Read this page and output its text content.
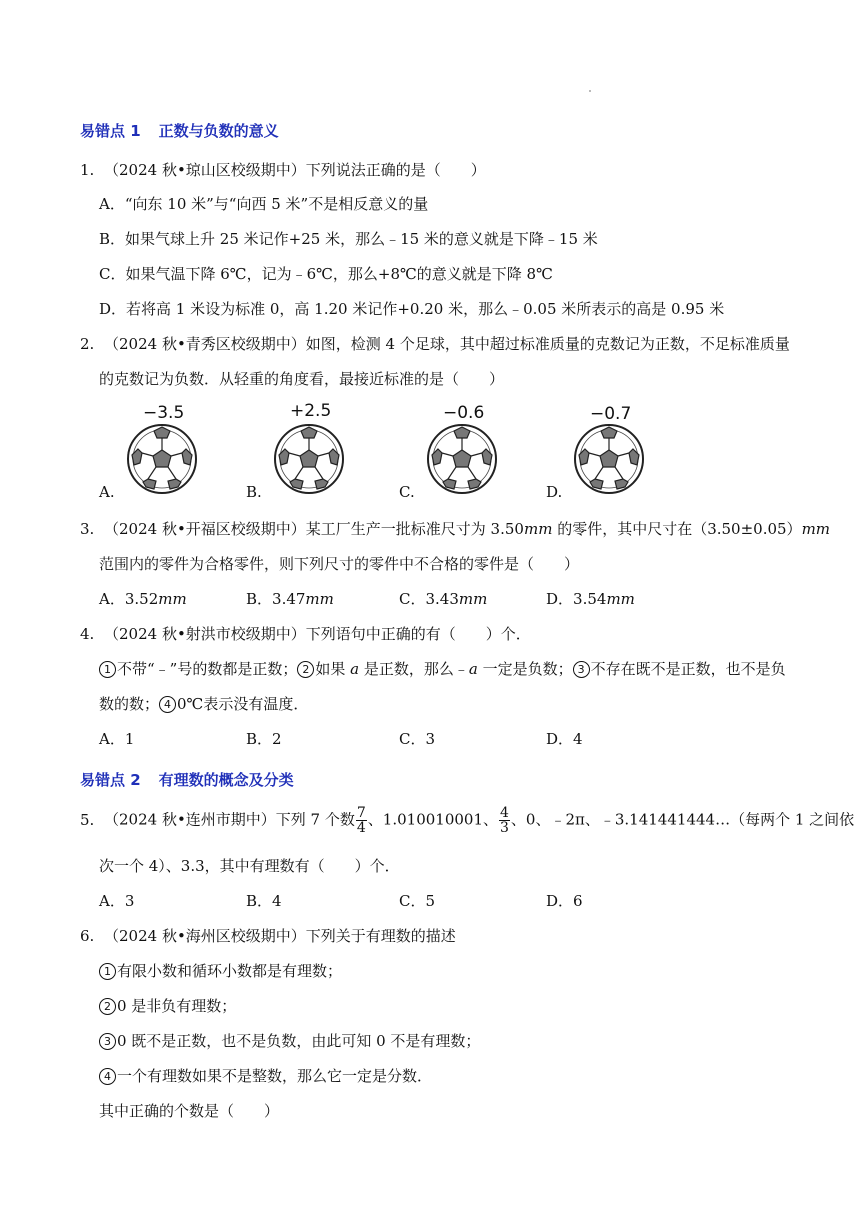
易错点 1 正数与负数的意义
1. （2024 秋•琼山区校级期中）下列说法正确的是（　　）
A．“向东 10 米”与“向西 5 米”不是相反意义的量
B．如果气球上升 25 米记作+25 米，那么﹣15 米的意义就是下降﹣15 米
C．如果气温下降 6℃，记为﹣6℃，那么+8℃的意义就是下降 8℃
D．若将高 1 米设为标准 0，高 1.20 米记作+0.20 米，那么﹣0.05 米所表示的高是 0.95 米
2. （2024 秋•青秀区校级期中）如图，检测 4 个足球，其中超过标准质量的克数记为正数，不足标准质量
的克数记为负数．从轻重的角度看，最接近标准的是（　　）
−3.5	+2.5	−0.6	−0.7
A.	B.	C.	D.
3. （2024 秋•开福区校级期中）某工厂生产一批标准尺寸为 3.50mm 的零件，其中尺寸在（3.50±0.05）mm
范围内的零件为合格零件，则下列尺寸的零件中不合格的零件是（　　）
A．3.52mm	B．3.47mm	C．3.43mm	D．3.54mm
4. （2024 秋•射洪市校级期中）下列语句中正确的有（　　）个．
1 不带“﹣”号的数都是正数； 2 如果 a 是正数，那么﹣a 一定是负数； 3 不存在既不是正数，也不是负
数的数； 4 0℃表示没有温度．
A．1	B．2	C．3	D．4
易错点 2 有理数的概念及分类
5. （2024 秋•连州市期中）下列 7 个数 $\frac{7}{4}$ 、1.010010001、 $\frac{4}{3}$ 、0、﹣2π、﹣3.141441444…（每两个 1 之间依
次一个 4）、3.3，其中有理数有（　　）个．
A．3	B．4	C．5	D．6
6. （2024 秋•海州区校级期中）下列关于有理数的描述
1 有限小数和循环小数都是有理数；
2 0 是非负有理数；
3 0 既不是正数，也不是负数，由此可知 0 不是有理数；
4 一个有理数如果不是整数，那么它一定是分数．
其中正确的个数是（　　）
